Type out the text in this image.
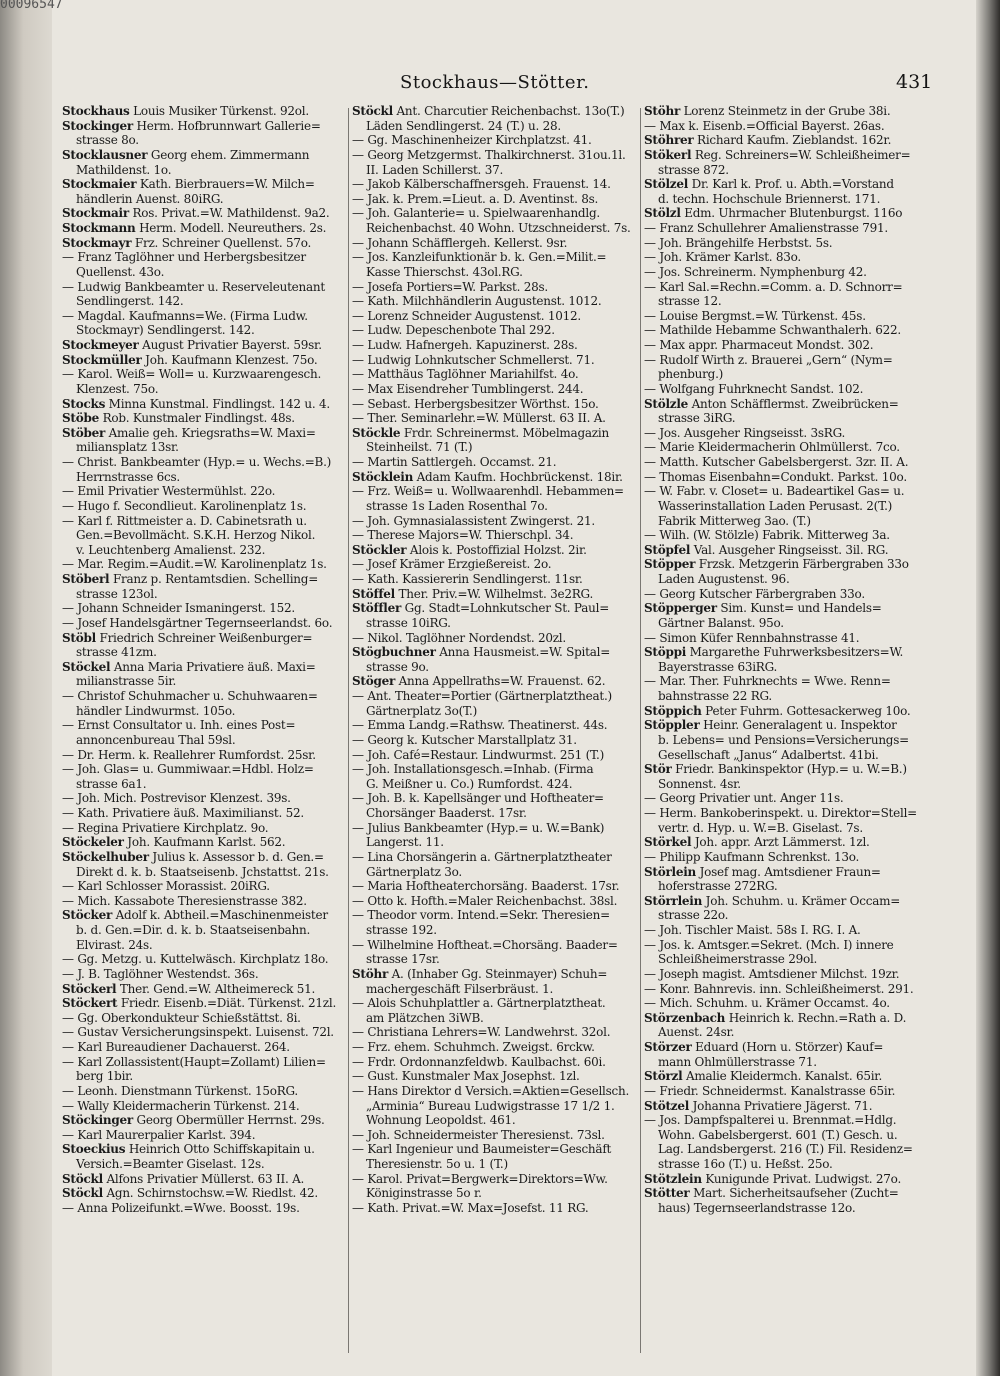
00096547
Stockhaus—Stötter.	431
Stockhaus Louis Musiker Türkenst. 92ol.
Stockinger Herm. Hofbrunnwart Gallerie=
strasse 8o.
Stocklausner Georg ehem. Zimmermann
Mathildenst. 1o.
Stockmaier Kath. Bierbrauers=W. Milch=
händlerin Auenst. 80iRG.
Stockmair Ros. Privat.=W. Mathildenst. 9a2.
Stockmann Herm. Modell. Neureuthers. 2s.
Stockmayr Frz. Schreiner Quellenst. 57o.
— Franz Taglöhner und Herbergsbesitzer
Quellenst. 43o.
— Ludwig Bankbeamter u. Reserveleutenant
Sendlingerst. 142.
— Magdal. Kaufmanns=We. (Firma Ludw.
Stockmayr) Sendlingerst. 142.
Stockmeyer August Privatier Bayerst. 59sr.
Stockmüller Joh. Kaufmann Klenzest. 75o.
— Karol. Weiß= Woll= u. Kurzwaarengesch.
Klenzest. 75o.
Stocks Minna Kunstmal. Findlingst. 142 u. 4.
Stöbe Rob. Kunstmaler Findlingst. 48s.
Stöber Amalie geh. Kriegsraths=W. Maxi=
miliansplatz 13sr.
— Christ. Bankbeamter (Hyp.= u. Wechs.=B.)
Herrnstrasse 6cs.
— Emil Privatier Westermühlst. 22o.
— Hugo f. Secondlieut. Karolinenplatz 1s.
— Karl f. Rittmeister a. D. Cabinetsrath u.
Gen.=Bevollmächt. S.K.H. Herzog Nikol.
v. Leuchtenberg Amalienst. 232.
— Mar. Regim.=Audit.=W. Karolinenplatz 1s.
Stöberl Franz p. Rentamtsdien. Schelling=
strasse 123ol.
— Johann Schneider Ismaningerst. 152.
— Josef Handelsgärtner Tegernseerlandst. 6o.
Stöbl Friedrich Schreiner Weißenburger=
strasse 41zm.
Stöckel Anna Maria Privatiere äuß. Maxi=
milianstrasse 5ir.
— Christof Schuhmacher u. Schuhwaaren=
händler Lindwurmst. 105o.
— Ernst Consultator u. Inh. eines Post=
annoncenbureau Thal 59sl.
— Dr. Herm. k. Reallehrer Rumfordst. 25sr.
— Joh. Glas= u. Gummiwaar.=Hdbl. Holz=
strasse 6a1.
— Joh. Mich. Postrevisor Klenzest. 39s.
— Kath. Privatiere äuß. Maximilianst. 52.
— Regina Privatiere Kirchplatz. 9o.
Stöckeler Joh. Kaufmann Karlst. 562.
Stöckelhuber Julius k. Assessor b. d. Gen.=
Direkt d. k. b. Staatseisenb. Jchstattst. 21s.
— Karl Schlosser Morassist. 20iRG.
— Mich. Kassabote Theresienstrasse 382.
Stöcker Adolf k. Abtheil.=Maschinenmeister
b. d. Gen.=Dir. d. k. b. Staatseisenbahn.
Elvirast. 24s.
— Gg. Metzg. u. Kuttelwäsch. Kirchplatz 18o.
— J. B. Taglöhner Westendst. 36s.
Stöckerl Ther. Gend.=W. Altheimereck 51.
Stöckert Friedr. Eisenb.=Diät. Türkenst. 21zl.
— Gg. Oberkondukteur Schießstättst. 8i.
— Gustav Versicherungsinspekt. Luisenst. 72l.
— Karl Bureaudiener Dachauerst. 264.
— Karl Zollassistent(Haupt=Zollamt) Lilien=
berg 1bir.
— Leonh. Dienstmann Türkenst. 15oRG.
— Wally Kleidermacherin Türkenst. 214.
Stöckinger Georg Obermüller Herrnst. 29s.
— Karl Maurerpalier Karlst. 394.
Stoeckius Heinrich Otto Schiffskapitain u.
Versich.=Beamter Giselast. 12s.
Stöckl Alfons Privatier Müllerst. 63 II. A.
Stöckl Agn. Schirnstochsw.=W. Riedlst. 42.
— Anna Polizeifunkt.=Wwe. Boosst. 19s.
Stöckl Ant. Charcutier Reichenbachst. 13o(T.)
Läden Sendlingerst. 24 (T.) u. 28.
— Gg. Maschinenheizer Kirchplatzst. 41.
— Georg Metzgermst. Thalkirchnerst. 31ou.1l.
II. Laden Schillerst. 37.
— Jakob Kälberschaffnersgeh. Frauenst. 14.
— Jak. k. Prem.=Lieut. a. D. Aventinst. 8s.
— Joh. Galanterie= u. Spielwaarenhandlg.
Reichenbachst. 40 Wohn. Utzschneiderst. 7s.
— Johann Schäfflergeh. Kellerst. 9sr.
— Jos. Kanzleifunktionär b. k. Gen.=Milit.=
Kasse Thierschst. 43ol.RG.
— Josefa Portiers=W. Parkst. 28s.
— Kath. Milchhändlerin Augustenst. 1012.
— Lorenz Schneider Augustenst. 1012.
— Ludw. Depeschenbote Thal 292.
— Ludw. Hafnergeh. Kapuzinerst. 28s.
— Ludwig Lohnkutscher Schmellerst. 71.
— Matthäus Taglöhner Mariahilfst. 4o.
— Max Eisendreher Tumblingerst. 244.
— Sebast. Herbergsbesitzer Wörthst. 15o.
— Ther. Seminarlehr.=W. Müllerst. 63 II. A.
Stöckle Frdr. Schreinermst. Möbelmagazin
Steinheilst. 71 (T.)
— Martin Sattlergeh. Occamst. 21.
Stöcklein Adam Kaufm. Hochbrückenst. 18ir.
— Frz. Weiß= u. Wollwaarenhdl. Hebammen=
strasse 1s Laden Rosenthal 7o.
— Joh. Gymnasialassistent Zwingerst. 21.
— Therese Majors=W. Thierschpl. 34.
Stöckler Alois k. Postoffizial Holzst. 2ir.
— Josef Krämer Erzgießereist. 2o.
— Kath. Kassiererin Sendlingerst. 11sr.
Stöffel Ther. Priv.=W. Wilhelmst. 3e2RG.
Stöffler Gg. Stadt=Lohnkutscher St. Paul=
strasse 10iRG.
— Nikol. Taglöhner Nordendst. 20zl.
Stögbuchner Anna Hausmeist.=W. Spital=
strasse 9o.
Stöger Anna Appellraths=W. Frauenst. 62.
— Ant. Theater=Portier (Gärtnerplatztheat.)
Gärtnerplatz 3o(T.)
— Emma Landg.=Rathsw. Theatinerst. 44s.
— Georg k. Kutscher Marstallplatz 31.
— Joh. Café=Restaur. Lindwurmst. 251 (T.)
— Joh. Installationsgesch.=Inhab. (Firma
G. Meißner u. Co.) Rumfordst. 424.
— Joh. B. k. Kapellsänger und Hoftheater=
Chorsänger Baaderst. 17sr.
— Julius Bankbeamter (Hyp.= u. W.=Bank)
Langerst. 11.
— Lina Chorsängerin a. Gärtnerplatztheater
Gärtnerplatz 3o.
— Maria Hoftheaterchorsäng. Baaderst. 17sr.
— Otto k. Hofth.=Maler Reichenbachst. 38sl.
— Theodor vorm. Intend.=Sekr. Theresien=
strasse 192.
— Wilhelmine Hoftheat.=Chorsäng. Baader=
strasse 17sr.
Stöhr A. (Inhaber Gg. Steinmayer) Schuh=
machergeschäft Filserbräust. 1.
— Alois Schuhplattler a. Gärtnerplatztheat.
am Plätzchen 3iWB.
— Christiana Lehrers=W. Landwehrst. 32ol.
— Frz. ehem. Schuhmch. Zweigst. 6rckw.
— Frdr. Ordonnanzfeldwb. Kaulbachst. 60i.
— Gust. Kunstmaler Max Josephst. 1zl.
— Hans Direktor d Versich.=Aktien=Gesellsch.
„Arminia“ Bureau Ludwigstrasse 17 1/2 1.
Wohnung Leopoldst. 461.
— Joh. Schneidermeister Theresienst. 73sl.
— Karl Ingenieur und Baumeister=Geschäft
Theresienstr. 5o u. 1 (T.)
— Karol. Privat=Bergwerk=Direktors=Ww.
Königinstrasse 5o r.
— Kath. Privat.=W. Max=Josefst. 11 RG.
Stöhr Lorenz Steinmetz in der Grube 38i.
— Max k. Eisenb.=Official Bayerst. 26as.
Stöhrer Richard Kaufm. Zieblandst. 162r.
Stökerl Reg. Schreiners=W. Schleißheimer=
strasse 872.
Stölzel Dr. Karl k. Prof. u. Abth.=Vorstand
d. techn. Hochschule Briennerst. 171.
Stölzl Edm. Uhrmacher Blutenburgst. 116o
— Franz Schullehrer Amalienstrasse 791.
— Joh. Brängehilfe Herbstst. 5s.
— Joh. Krämer Karlst. 83o.
— Jos. Schreinerm. Nymphenburg 42.
— Karl Sal.=Rechn.=Comm. a. D. Schnorr=
strasse 12.
— Louise Bergmst.=W. Türkenst. 45s.
— Mathilde Hebamme Schwanthalerh. 622.
— Max appr. Pharmaceut Mondst. 302.
— Rudolf Wirth z. Brauerei „Gern“ (Nym=
phenburg.)
— Wolfgang Fuhrknecht Sandst. 102.
Stölzle Anton Schäfflermst. Zweibrücken=
strasse 3iRG.
— Jos. Ausgeher Ringseisst. 3sRG.
— Marie Kleidermacherin Ohlmüllerst. 7co.
— Matth. Kutscher Gabelsbergerst. 3zr. II. A.
— Thomas Eisenbahn=Condukt. Parkst. 10o.
— W. Fabr. v. Closet= u. Badeartikel Gas= u.
Wasserinstallation Laden Perusast. 2(T.)
Fabrik Mitterweg 3ao. (T.)
— Wilh. (W. Stölzle) Fabrik. Mitterweg 3a.
Stöpfel Val. Ausgeher Ringseisst. 3il. RG.
Stöpper Frzsk. Metzgerin Färbergraben 33o
Laden Augustenst. 96.
— Georg Kutscher Färbergraben 33o.
Stöpperger Sim. Kunst= und Handels=
Gärtner Balanst. 95o.
— Simon Küfer Rennbahnstrasse 41.
Stöppi Margarethe Fuhrwerksbesitzers=W.
Bayerstrasse 63iRG.
— Mar. Ther. Fuhrknechts = Wwe. Renn=
bahnstrasse 22 RG.
Stöppich Peter Fuhrm. Gottesackerweg 10o.
Stöppler Heinr. Generalagent u. Inspektor
b. Lebens= und Pensions=Versicherungs=
Gesellschaft „Janus“ Adalbertst. 41bi.
Stör Friedr. Bankinspektor (Hyp.= u. W.=B.)
Sonnenst. 4sr.
— Georg Privatier unt. Anger 11s.
— Herm. Bankoberinspekt. u. Direktor=Stell=
vertr. d. Hyp. u. W.=B. Giselast. 7s.
Störkel Joh. appr. Arzt Lämmerst. 1zl.
— Philipp Kaufmann Schrenkst. 13o.
Störlein Josef mag. Amtsdiener Fraun=
hoferstrasse 272RG.
Störrlein Joh. Schuhm. u. Krämer Occam=
strasse 22o.
— Joh. Tischler Maist. 58s I. RG. I. A.
— Jos. k. Amtsger.=Sekret. (Mch. I) innere
Schleißheimerstrasse 29ol.
— Joseph magist. Amtsdiener Milchst. 19zr.
— Konr. Bahnrevis. inn. Schleißheimerst. 291.
— Mich. Schuhm. u. Krämer Occamst. 4o.
Störzenbach Heinrich k. Rechn.=Rath a. D.
Auenst. 24sr.
Störzer Eduard (Horn u. Störzer) Kauf=
mann Ohlmüllerstrasse 71.
Störzl Amalie Kleidermch. Kanalst. 65ir.
— Friedr. Schneidermst. Kanalstrasse 65ir.
Stötzel Johanna Privatiere Jägerst. 71.
— Jos. Dampfspalterei u. Brennmat.=Hdlg.
Wohn. Gabelsbergerst. 601 (T.) Gesch. u.
Lag. Landsbergerst. 216 (T.) Fil. Residenz=
strasse 16o (T.) u. Heßst. 25o.
Stötzlein Kunigunde Privat. Ludwigst. 27o.
Stötter Mart. Sicherheitsaufseher (Zucht=
haus) Tegernseerlandstrasse 12o.
